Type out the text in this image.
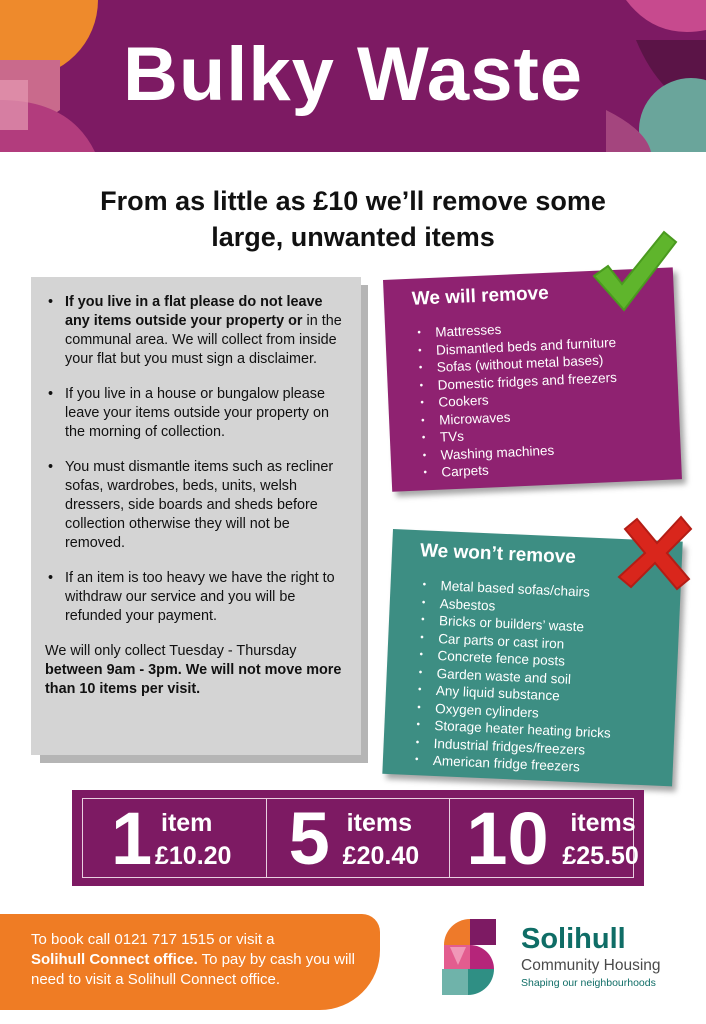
Bulky Waste
From as little as £10 we’ll remove some
large, unwanted items
• If you live in a flat please do not leave any items outside your property or in the communal area. We will collect from inside your flat but you must sign a disclaimer.
• If you live in a house or bungalow please leave your items outside your property on the morning of collection.
• You must dismantle items such as recliner sofas, wardrobes, beds, units, welsh dressers, side boards and sheds before collection otherwise they will not be removed.
• If an item is too heavy we have the right to withdraw our service and you will be refunded your payment.

We will only collect Tuesday - Thursday between 9am - 3pm. We will not move more than 10 items per visit.

We will remove
• Mattresses
• Dismantled beds and furniture
• Sofas (without metal bases)
• Domestic fridges and freezers
• Cookers
• Microwaves
• TVs
• Washing machines
• Carpets
We won’t remove
• Metal based sofas/chairs
• Asbestos
• Bricks or builders’ waste
• Car parts or cast iron
• Concrete fence posts
• Garden waste and soil
• Any liquid substance
• Oxygen cylinders
• Storage heater heating bricks
• Industrial fridges/freezers
• American fridge freezers
1 item
£10.20 5 items
£20.40 10 items
£25.50
To book call 0121 717 1515 or visit a
Solihull Connect office. To pay by cash you will need to visit a Solihull Connect office.
Solihull
Community Housing
Shaping our neighbourhoods
